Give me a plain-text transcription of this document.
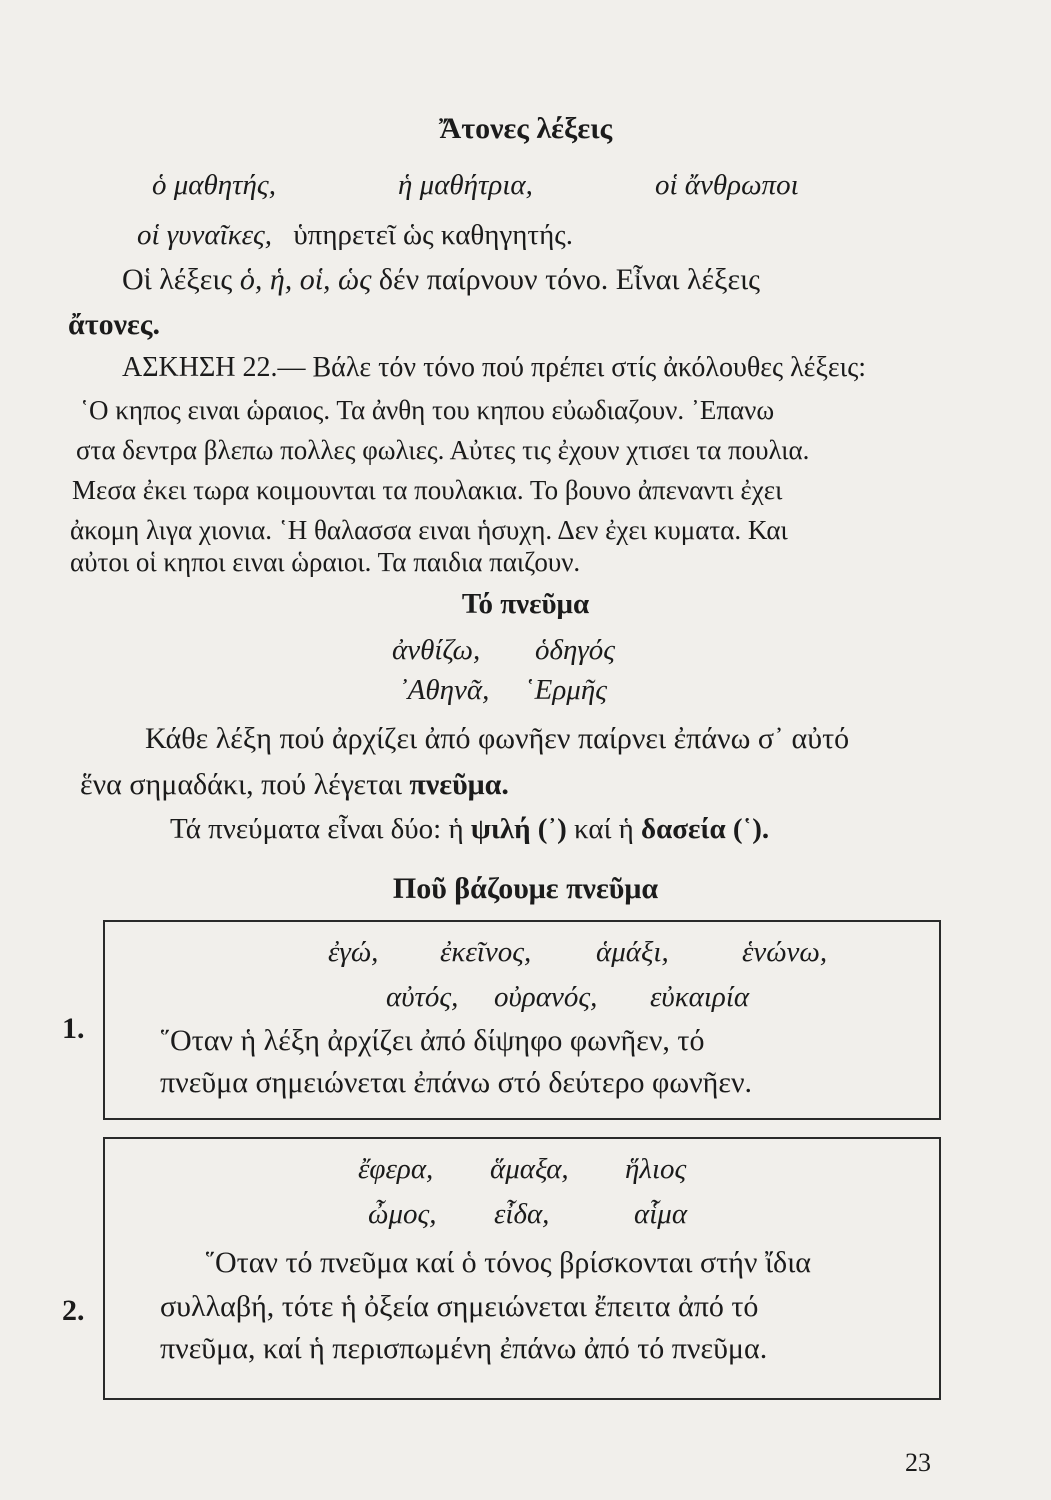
Ἄτονες λέξεις
ὁ μαθητής,	ἡ μαθήτρια,	οἱ ἄνθρωποι
οἱ γυναῖκες, ὑπηρετεῖ ὡς καθηγητής.
Οἱ λέξεις ὁ, ἡ, οἱ, ὡς δέν παίρνουν τόνο. Εἶναι λέξεις
ἄτονες.
ΑΣΚΗΣΗ 22.— Βάλε τόν τόνο πού πρέπει στίς ἀκόλουθες λέξεις:
῾Ο κηπος ειναι ὡραιος. Τα ἀνθη του κηπου εὐωδιαζουν. ᾽Επανω
στα δεντρα βλεπω πολλες φωλιες. Αὐτες τις ἐχουν χτισει τα πουλια.
Μεσα ἐκει τωρα κοιμουνται τα πουλακια. Το βουνο ἀπεναντι ἐχει
ἀκομη λιγα χιονια. ῾Η θαλασσα ειναι ἡσυχη. Δεν ἐχει κυματα. Και
αὐτοι οἱ κηποι ειναι ὡραιοι. Τα παιδια παιζουν.
Τό πνεῦμα
ἀνθίζω, ὁδηγός
᾽Αθηνᾶ, ῾Ερμῆς
Κάθε λέξη πού ἀρχίζει ἀπό φωνῆεν παίρνει ἐπάνω σ᾽ αὐτό
ἕνα σημαδάκι, πού λέγεται πνεῦμα.
Τά πνεύματα εἶναι δύο: ἡ ψιλή (᾽) καί ἡ δασεία (῾).
Ποῦ βάζουμε πνεῦμα
1.
ἐγώ, ἐκεῖνος, ἁμάξι,	ἑνώνω,
αὐτός, οὐρανός, εὐκαιρία
῞Οταν ἡ λέξη ἀρχίζει ἀπό δίψηφο φωνῆεν, τό
πνεῦμα σημειώνεται ἐπάνω στό δεύτερο φωνῆεν.
2.
ἔφερα, ἅμαξα, ἥλιος
ὦμος, εἶδα,	αἷμα
῞Οταν τό πνεῦμα καί ὁ τόνος βρίσκονται στήν ἴδια
συλλαβή, τότε ἡ ὀξεία σημειώνεται ἔπειτα ἀπό τό
πνεῦμα, καί ἡ περισπωμένη ἐπάνω ἀπό τό πνεῦμα.
23
